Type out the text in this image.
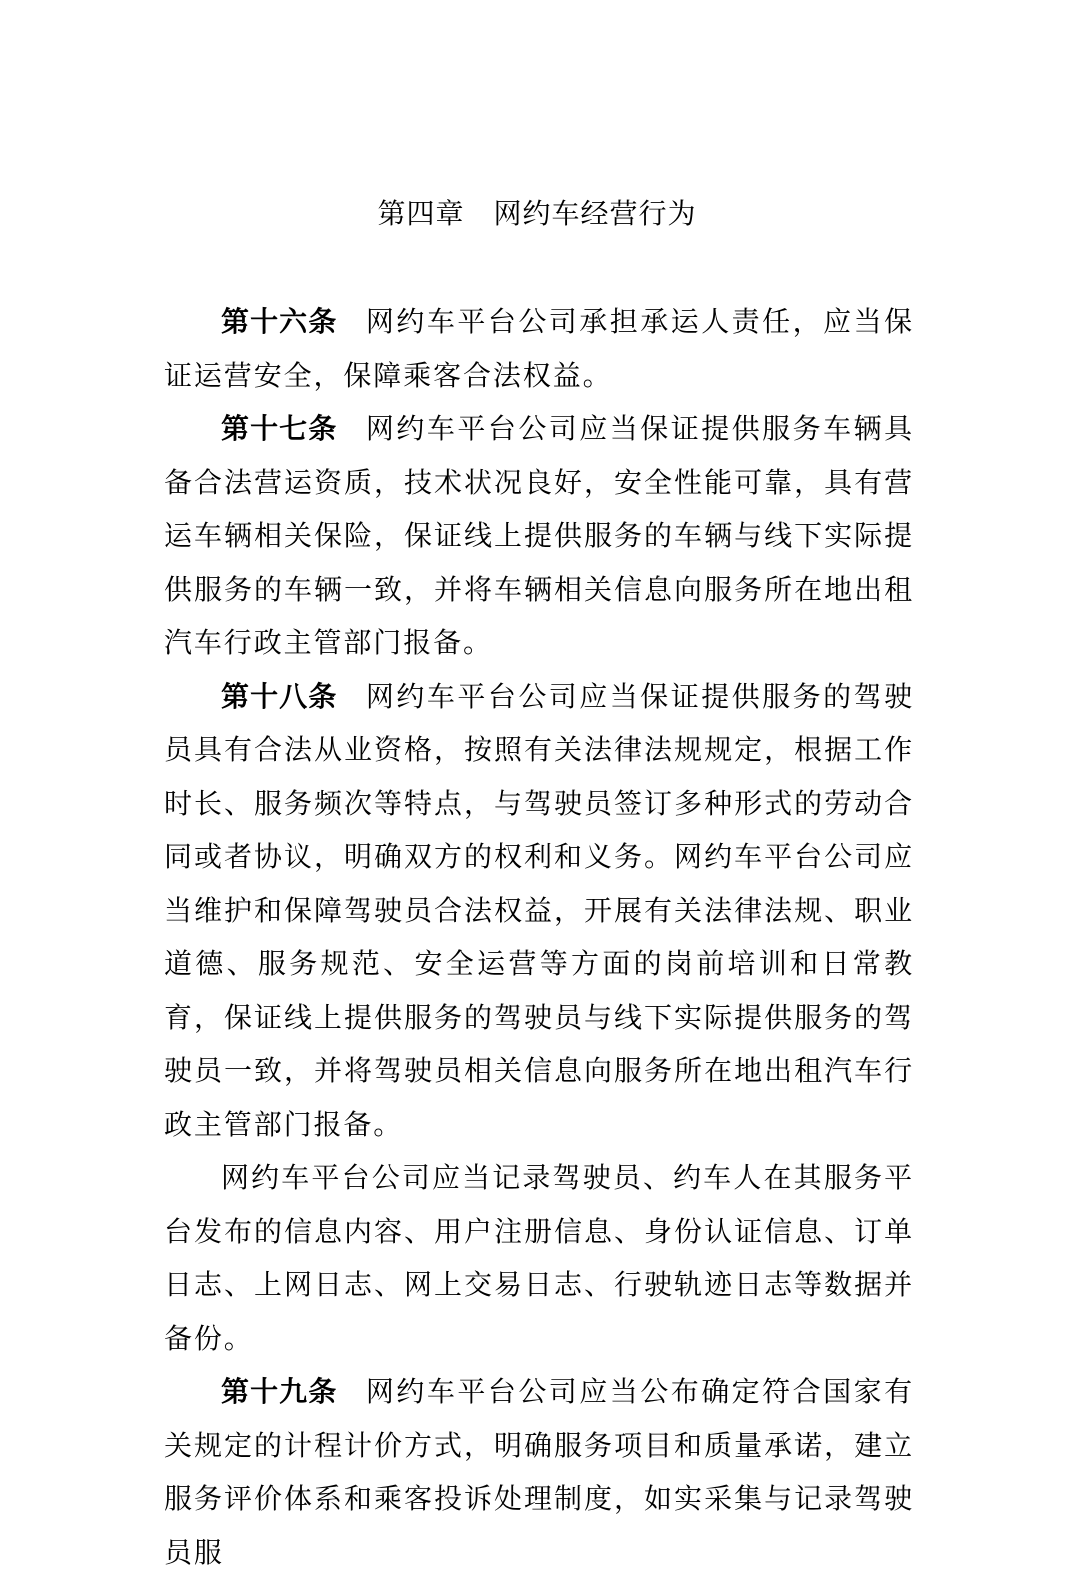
第四章　网约车经营行为

第十六条 网约车平台公司承担承运人责任，应当保证运营安全，保障乘客合法权益。

第十七条 网约车平台公司应当保证提供服务车辆具备合法营运资质，技术状况良好，安全性能可靠，具有营运车辆相关保险，保证线上提供服务的车辆与线下实际提供服务的车辆一致，并将车辆相关信息向服务所在地出租汽车行政主管部门报备。

第十八条 网约车平台公司应当保证提供服务的驾驶员具有合法从业资格，按照有关法律法规规定，根据工作时长、服务频次等特点，与驾驶员签订多种形式的劳动合同或者协议，明确双方的权利和义务。网约车平台公司应当维护和保障驾驶员合法权益，开展有关法律法规、职业道德、服务规范、安全运营等方面的岗前培训和日常教育，保证线上提供服务的驾驶员与线下实际提供服务的驾驶员一致，并将驾驶员相关信息向服务所在地出租汽车行政主管部门报备。

网约车平台公司应当记录驾驶员、约车人在其服务平台发布的信息内容、用户注册信息、身份认证信息、订单日志、上网日志、网上交易日志、行驶轨迹日志等数据并备份。

第十九条 网约车平台公司应当公布确定符合国家有关规定的计程计价方式，明确服务项目和质量承诺，建立服务评价体系和乘客投诉处理制度，如实采集与记录驾驶员服
